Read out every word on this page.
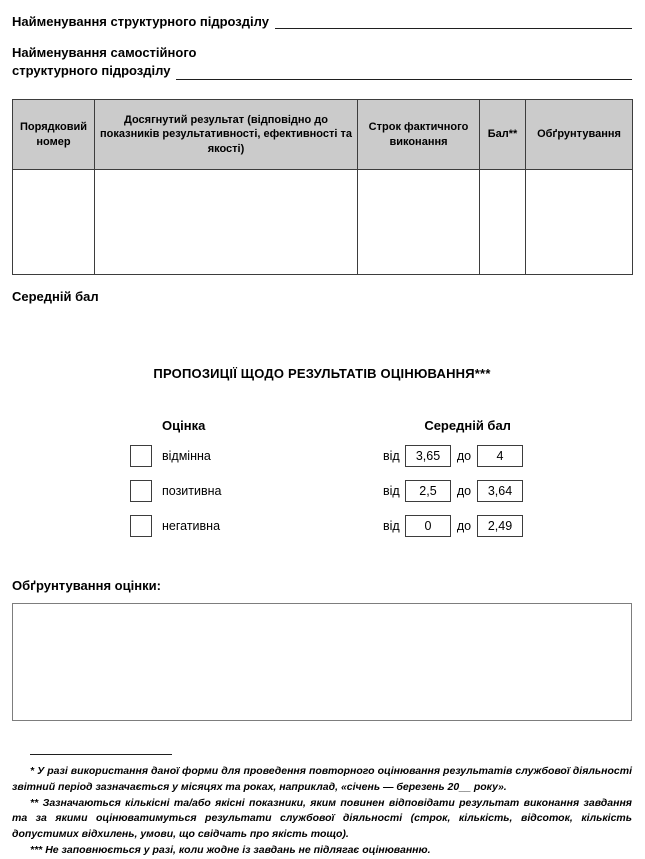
Найменування структурного підрозділу
Найменування самостійного
структурного підрозділу
Порядковий номер	Досягнутий результат (відповідно до показників результативності, ефективності та якості)	Строк фактичного виконання	Бал**	Обґрунтування

Середній бал
ПРОПОЗИЦІЇ ЩОДО РЕЗУЛЬТАТІВ ОЦІНЮВАННЯ***
Оцінка	Середній бал
відмінна	від	3,65	до	4
позитивна	від	2,5	до	3,64
негативна	від	0	до	2,49
Обґрунтування оцінки:

* У разі використання даної форми для проведення повторного оцінювання результатів службової діяльності звітний період зазначається у місяцях та роках, наприклад, «січень — березень 20__ року».

** Зазначаються кількісні та/або якісні показники, яким повинен відповідати результат виконання завдання та за якими оцінюватимуться результати службової діяльності (строк, кількість, відсоток, кількість допустимих відхилень, умови, що свідчать про якість тощо).

*** Не заповнюється у разі, коли жодне із завдань не підлягає оцінюванню.
